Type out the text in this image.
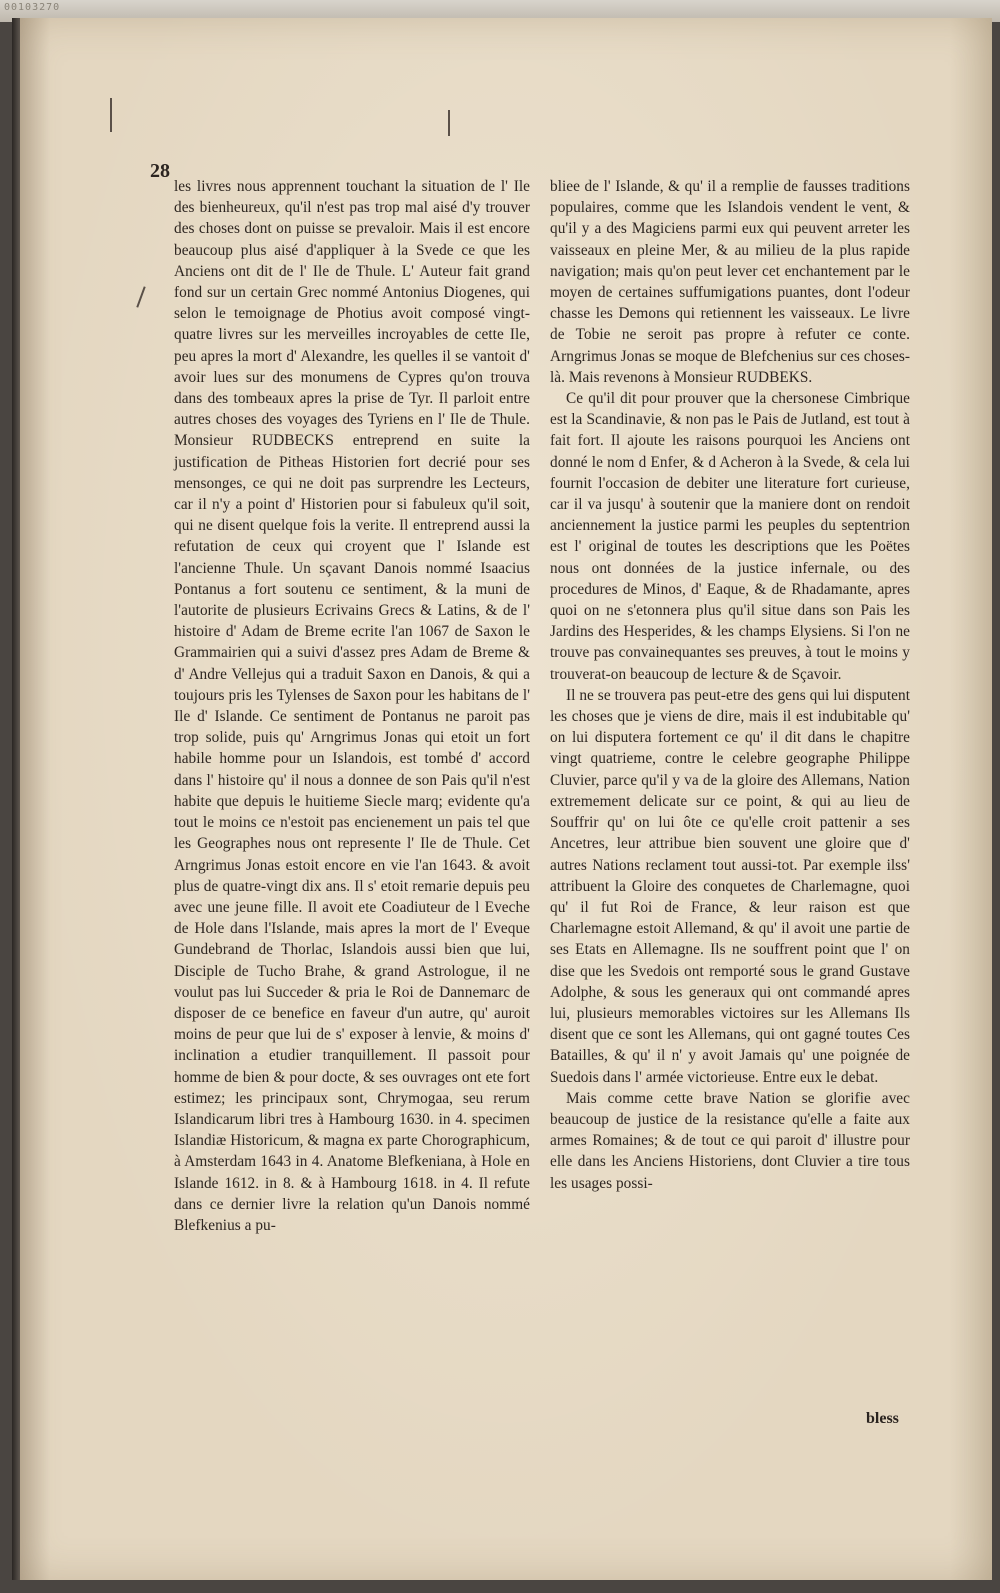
00103270
28

les livres nous apprennent touchant la situation de l' Ile des bienheureux, qu'il n'est pas trop mal aisé d'y trouver des choses dont on puisse se prevaloir. Mais il est encore beaucoup plus aisé d'appliquer à la Svede ce que les Anciens ont dit de l' Ile de Thule. L' Auteur fait grand fond sur un certain Grec nommé Antonius Diogenes, qui selon le temoignage de Photius avoit composé vingt-quatre livres sur les merveilles incroyables de cette Ile, peu apres la mort d' Alexandre, les quelles il se vantoit d' avoir lues sur des monumens de Cypres qu'on trouva dans des tombeaux apres la prise de Tyr. Il parloit entre autres choses des voyages des Tyriens en l' Ile de Thule. Monsieur RUDBECKS entreprend en suite la justification de Pitheas Historien fort decrié pour ses mensonges, ce qui ne doit pas surprendre les Lecteurs, car il n'y a point d' Historien pour si fabuleux qu'il soit, qui ne disent quelque fois la verite. Il entreprend aussi la refutation de ceux qui croyent que l' Islande est l'ancienne Thule. Un sçavant Danois nommé Isaacius Pontanus a fort soutenu ce sentiment, & la muni de l'autorite de plusieurs Ecrivains Grecs & Latins, & de l' histoire d' Adam de Breme ecrite l'an 1067 de Saxon le Grammairien qui a suivi d'assez pres Adam de Breme & d' Andre Vellejus qui a traduit Saxon en Danois, & qui a toujours pris les Tylenses de Saxon pour les habitans de l' Ile d' Islande. Ce sentiment de Pontanus ne paroit pas trop solide, puis qu' Arngrimus Jonas qui etoit un fort habile homme pour un Islandois, est tombé d' accord dans l' histoire qu' il nous a donnee de son Pais qu'il n'est habite que depuis le huitieme Siecle marq; evidente qu'a tout le moins ce n'estoit pas encienement un pais tel que les Geographes nous ont represente l' Ile de Thule. Cet Arngrimus Jonas estoit encore en vie l'an 1643. & avoit plus de quatre-vingt dix ans. Il s' etoit remarie depuis peu avec une jeune fille. Il avoit ete Coadiuteur de l Eveche de Hole dans l'Islande, mais apres la mort de l' Eveque Gundebrand de Thorlac, Islandois aussi bien que lui, Disciple de Tucho Brahe, & grand Astrologue, il ne voulut pas lui Succeder & pria le Roi de Dannemarc de disposer de ce benefice en faveur d'un autre, qu' auroit moins de peur que lui de s' exposer à lenvie, & moins d' inclination a etudier tranquillement. Il passoit pour homme de bien & pour docte, & ses ouvrages ont ete fort estimez; les principaux sont, Chrymogaa, seu rerum Islandicarum libri tres à Hambourg 1630. in 4. specimen Islandiæ Historicum, & magna ex parte Chorographicum, à Amsterdam 1643 in 4. Anatome Blefkeniana, à Hole en Islande 1612. in 8. & à Hambourg 1618. in 4. Il refute dans ce dernier livre la relation qu'un Danois nommé Blefkenius a pu-

bliee de l' Islande, & qu' il a remplie de fausses traditions populaires, comme que les Islandois vendent le vent, & qu'il y a des Magiciens parmi eux qui peuvent arreter les vaisseaux en pleine Mer, & au milieu de la plus rapide navigation; mais qu'on peut lever cet enchantement par le moyen de certaines suffumigations puantes, dont l'odeur chasse les Demons qui retiennent les vaisseaux. Le livre de Tobie ne seroit pas propre à refuter ce conte. Arngrimus Jonas se moque de Blefchenius sur ces choses-là. Mais revenons à Monsieur RUDBEKS.

Ce qu'il dit pour prouver que la chersonese Cimbrique est la Scandinavie, & non pas le Pais de Jutland, est tout à fait fort. Il ajoute les raisons pourquoi les Anciens ont donné le nom d Enfer, & d Acheron à la Svede, & cela lui fournit l'occasion de debiter une literature fort curieuse, car il va jusqu' à soutenir que la maniere dont on rendoit anciennement la justice parmi les peuples du septentrion est l' original de toutes les descriptions que les Poëtes nous ont données de la justice infernale, ou des procedures de Minos, d' Eaque, & de Rhadamante, apres quoi on ne s'etonnera plus qu'il situe dans son Pais les Jardins des Hesperides, & les champs Elysiens. Si l'on ne trouve pas convainequantes ses preuves, à tout le moins y trouverat-on beaucoup de lecture & de Sçavoir.

Il ne se trouvera pas peut-etre des gens qui lui disputent les choses que je viens de dire, mais il est indubitable qu' on lui disputera fortement ce qu' il dit dans le chapitre vingt quatrieme, contre le celebre geographe Philippe Cluvier, parce qu'il y va de la gloire des Allemans, Nation extremement delicate sur ce point, & qui au lieu de Souffrir qu' on lui ôte ce qu'elle croit pattenir a ses Ancetres, leur attribue bien souvent une gloire que d' autres Nations reclament tout aussi-tot. Par exemple ilss' attribuent la Gloire des conquetes de Charlemagne, quoi qu' il fut Roi de France, & leur raison est que Charlemagne estoit Allemand, & qu' il avoit une partie de ses Etats en Allemagne. Ils ne souffrent point que l' on dise que les Svedois ont remporté sous le grand Gustave Adolphe, & sous les generaux qui ont commandé apres lui, plusieurs memorables victoires sur les Allemans Ils disent que ce sont les Allemans, qui ont gagné toutes Ces Batailles, & qu' il n' y avoit Jamais qu' une poignée de Suedois dans l' armée victorieuse. Entre eux le debat.

Mais comme cette brave Nation se glorifie avec beaucoup de justice de la resistance qu'elle a faite aux armes Romaines; & de tout ce qui paroit d' illustre pour elle dans les Anciens Historiens, dont Cluvier a tire tous les usages possi-

bless
